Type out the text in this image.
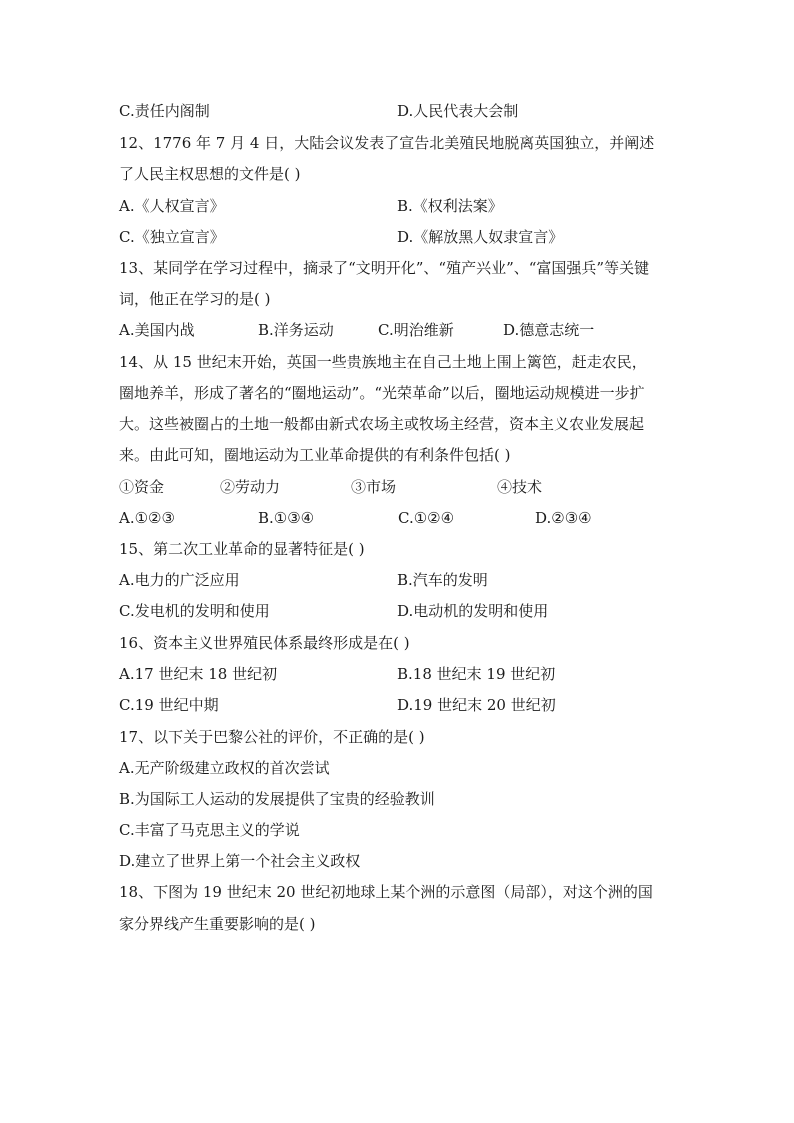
C.责任内阁制	D.人民代表大会制
12、1776 年 7 月 4 日，大陆会议发表了宣告北美殖民地脱离英国独立，并阐述
了人民主权思想的文件是( )
A.《人权宣言》	B.《权利法案》
C.《独立宣言》	D.《解放黑人奴隶宣言》
13、某同学在学习过程中，摘录了“文明开化”、“殖产兴业”、“富国强兵”等关键
词，他正在学习的是( )
A.美国内战	B.洋务运动	C.明治维新	D.德意志统一
14、从 15 世纪末开始，英国一些贵族地主在自己土地上围上篱笆，赶走农民，
圈地养羊，形成了著名的“圈地运动”。“光荣革命”以后，圈地运动规模进一步扩
大。这些被圈占的土地一般都由新式农场主或牧场主经营，资本主义农业发展起
来。由此可知，圈地运动为工业革命提供的有利条件包括( )
①资金	②劳动力	③市场	④技术
A.①②③	B.①③④	C.①②④	D.②③④
15、第二次工业革命的显著特征是( )
A.电力的广泛应用	B.汽车的发明
C.发电机的发明和使用	D.电动机的发明和使用
16、资本主义世界殖民体系最终形成是在( )
A.17 世纪末 18 世纪初	B.18 世纪末 19 世纪初
C.19 世纪中期	D.19 世纪末 20 世纪初
17、以下关于巴黎公社的评价，不正确的是( )
A.无产阶级建立政权的首次尝试
B.为国际工人运动的发展提供了宝贵的经验教训
C.丰富了马克思主义的学说
D.建立了世界上第一个社会主义政权
18、下图为 19 世纪末 20 世纪初地球上某个洲的示意图（局部），对这个洲的国
家分界线产生重要影响的是( )
